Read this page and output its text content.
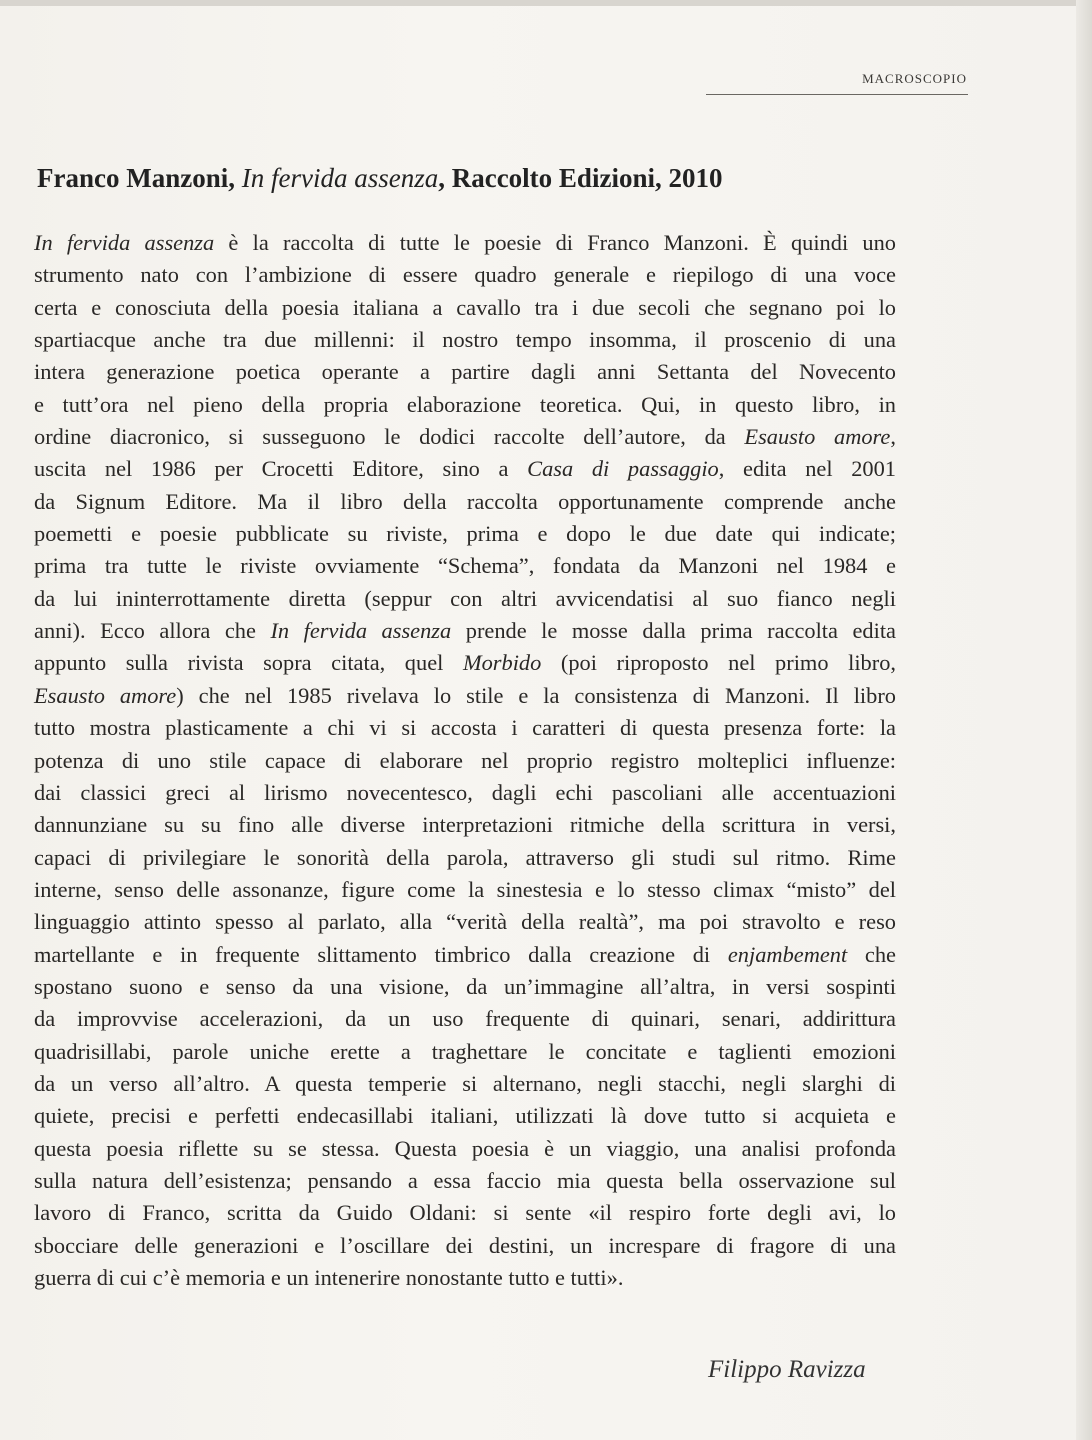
MACROSCOPIO
Franco Manzoni, In fervida assenza, Raccolto Edizioni, 2010
In fervida assenza è la raccolta di tutte le poesie di Franco Manzoni. È quindi uno
strumento nato con l’ambizione di essere quadro generale e riepilogo di una voce
certa e conosciuta della poesia italiana a cavallo tra i due secoli che segnano poi lo
spartiacque anche tra due millenni: il nostro tempo insomma, il proscenio di una
intera generazione poetica operante a partire dagli anni Settanta del Novecento
e tutt’ora nel pieno della propria elaborazione teoretica. Qui, in questo libro, in
ordine diacronico, si susseguono le dodici raccolte dell’autore, da Esausto amore,
uscita nel 1986 per Crocetti Editore, sino a Casa di passaggio, edita nel 2001
da Signum Editore. Ma il libro della raccolta opportunamente comprende anche
poemetti e poesie pubblicate su riviste, prima e dopo le due date qui indicate;
prima tra tutte le riviste ovviamente “Schema”, fondata da Manzoni nel 1984 e
da lui ininterrottamente diretta (seppur con altri avvicendatisi al suo fianco negli
anni). Ecco allora che In fervida assenza prende le mosse dalla prima raccolta edita
appunto sulla rivista sopra citata, quel Morbido (poi riproposto nel primo libro,
Esausto amore) che nel 1985 rivelava lo stile e la consistenza di Manzoni. Il libro
tutto mostra plasticamente a chi vi si accosta i caratteri di questa presenza forte: la
potenza di uno stile capace di elaborare nel proprio registro molteplici influenze:
dai classici greci al lirismo novecentesco, dagli echi pascoliani alle accentuazioni
dannunziane su su fino alle diverse interpretazioni ritmiche della scrittura in versi,
capaci di privilegiare le sonorità della parola, attraverso gli studi sul ritmo. Rime
interne, senso delle assonanze, figure come la sinestesia e lo stesso climax “misto” del
linguaggio attinto spesso al parlato, alla “verità della realtà”, ma poi stravolto e reso
martellante e in frequente slittamento timbrico dalla creazione di enjambement che
spostano suono e senso da una visione, da un’immagine all’altra, in versi sospinti
da improvvise accelerazioni, da un uso frequente di quinari, senari, addirittura
quadrisillabi, parole uniche erette a traghettare le concitate e taglienti emozioni
da un verso all’altro. A questa temperie si alternano, negli stacchi, negli slarghi di
quiete, precisi e perfetti endecasillabi italiani, utilizzati là dove tutto si acquieta e
questa poesia riflette su se stessa. Questa poesia è un viaggio, una analisi profonda
sulla natura dell’esistenza; pensando a essa faccio mia questa bella osservazione sul
lavoro di Franco, scritta da Guido Oldani: si sente «il respiro forte degli avi, lo
sbocciare delle generazioni e l’oscillare dei destini, un increspare di fragore di una
guerra di cui c’è memoria e un intenerire nonostante tutto e tutti».
Filippo Ravizza
